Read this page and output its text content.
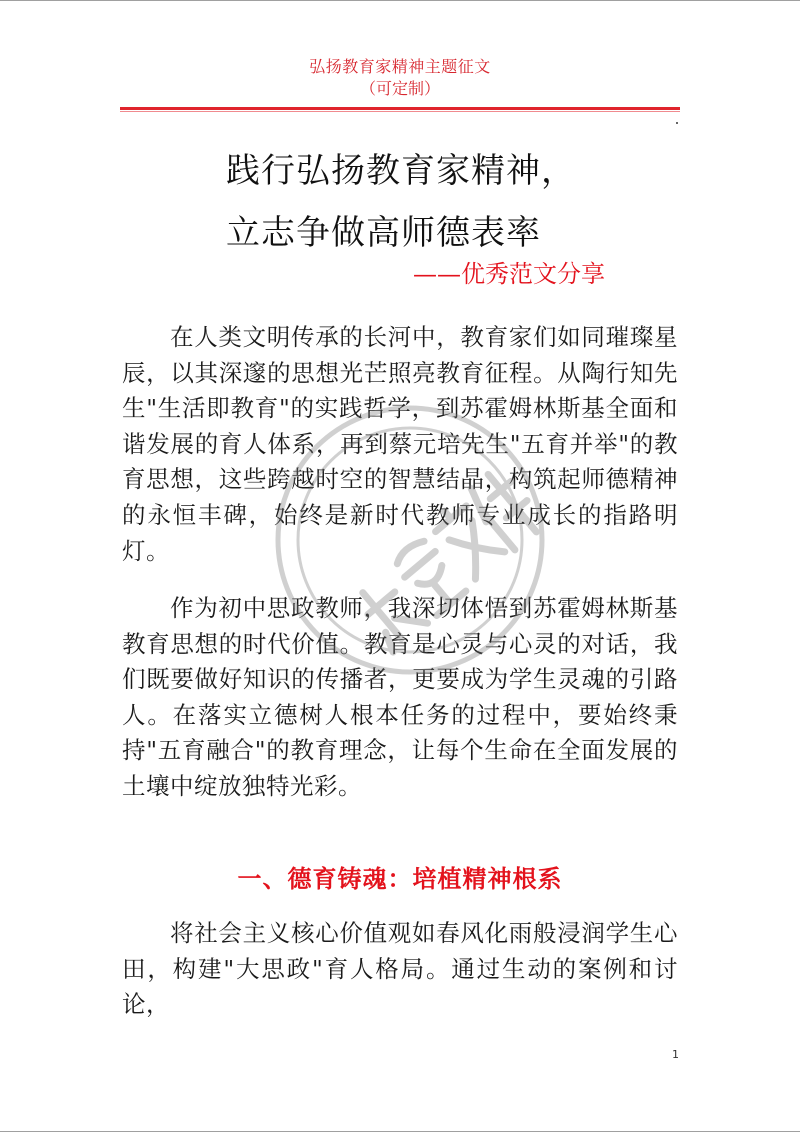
弘扬教育家精神主题征文
（可定制）
践行弘扬教育家精神，
立志争做高师德表率
——优秀范文分享

在人类文明传承的长河中，教育家们如同璀璨星辰，以其深邃的思想光芒照亮教育征程。从陶行知先生"生活即教育"的实践哲学，到苏霍姆林斯基全面和谐发展的育人体系，再到蔡元培先生"五育并举"的教育思想，这些跨越时空的智慧结晶，构筑起师德精神的永恒丰碑，始终是新时代教师专业成长的指路明灯。

作为初中思政教师，我深切体悟到苏霍姆林斯基教育思想的时代价值。教育是心灵与心灵的对话，我们既要做好知识的传播者，更要成为学生灵魂的引路人。在落实立德树人根本任务的过程中，要始终秉持"五育融合"的教育理念，让每个生命在全面发展的土壤中绽放独特光彩。

一、德育铸魂：培植精神根系

将社会主义核心价值观如春风化雨般浸润学生心田，构建"大思政"育人格局。通过生动的案例和讨论，

1
